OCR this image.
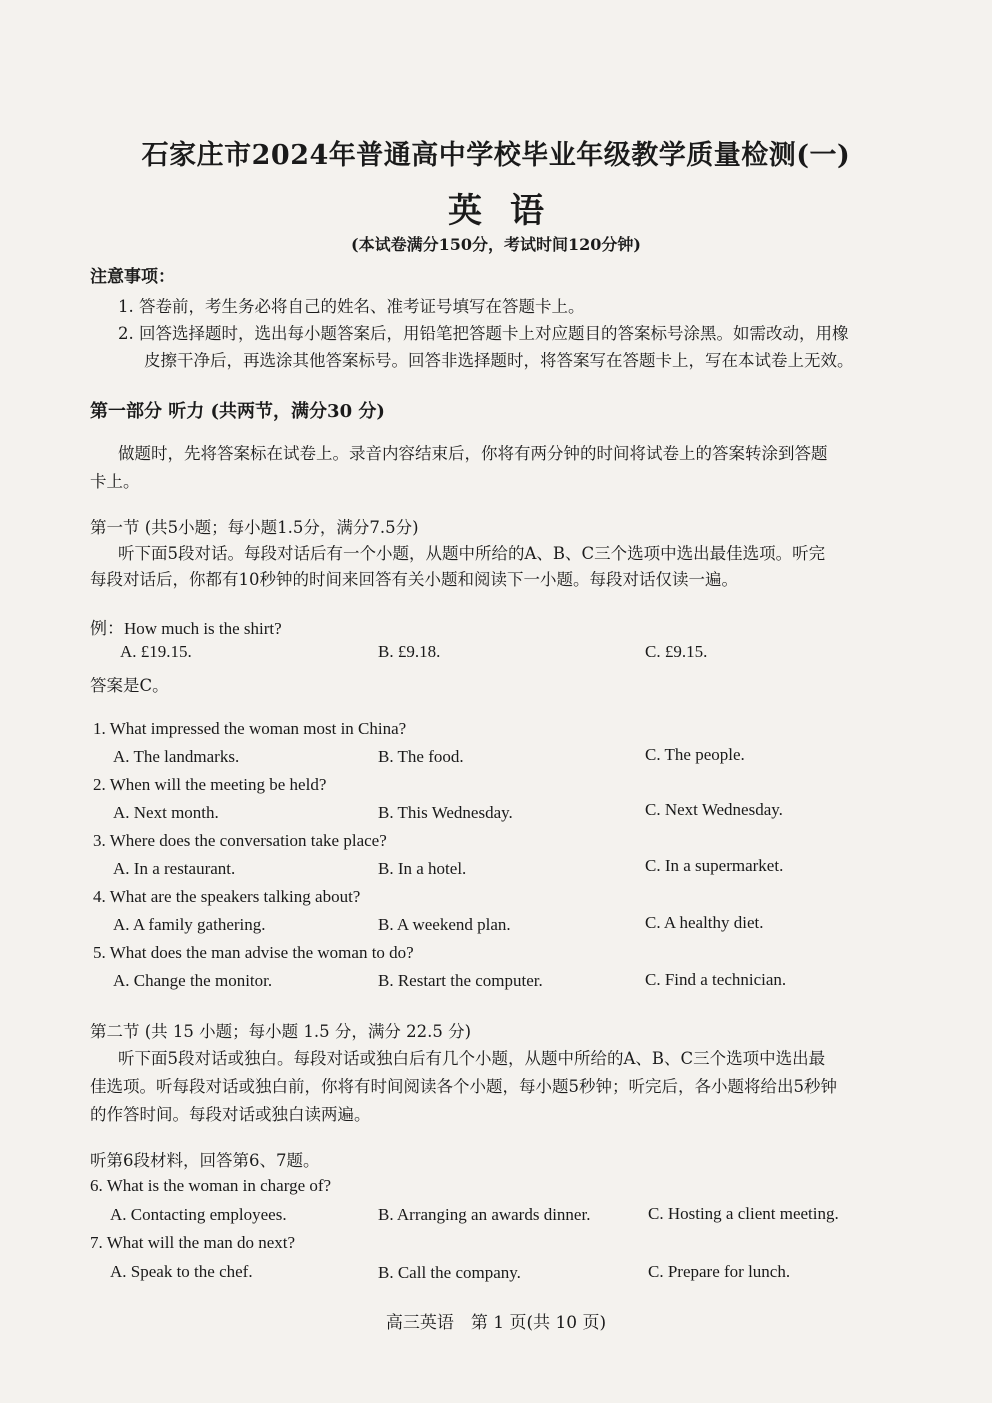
石家庄市2024年普通高中学校毕业年级教学质量检测(一)
英语
(本试卷满分150分，考试时间120分钟)
注意事项：
1. 答卷前，考生务必将自己的姓名、准考证号填写在答题卡上。
2. 回答选择题时，选出每小题答案后，用铅笔把答题卡上对应题目的答案标号涂黑。如需改动，用橡
皮擦干净后，再选涂其他答案标号。回答非选择题时，将答案写在答题卡上，写在本试卷上无效。
第一部分 听力 (共两节，满分30 分)
做题时，先将答案标在试卷上。录音内容结束后，你将有两分钟的时间将试卷上的答案转涂到答题
卡上。
第一节 (共5小题；每小题1.5分，满分7.5分)
听下面5段对话。每段对话后有一个小题，从题中所给的A、B、C三个选项中选出最佳选项。听完
每段对话后，你都有10秒钟的时间来回答有关小题和阅读下一小题。每段对话仅读一遍。
例：How much is the shirt?
A. £19.15.	B. £9.18.	C. £9.15.
答案是C。
1. What impressed the woman most in China?
A. The landmarks.	B. The food.	C. The people.
2. When will the meeting be held?
A. Next month.	B. This Wednesday.	C. Next Wednesday.
3. Where does the conversation take place?
A. In a restaurant.	B. In a hotel.	C. In a supermarket.
4. What are the speakers talking about?
A. A family gathering.	B. A weekend plan.	C. A healthy diet.
5. What does the man advise the woman to do?
A. Change the monitor.	B. Restart the computer.	C. Find a technician.
第二节 (共 15 小题；每小题 1.5 分，满分 22.5 分)
听下面5段对话或独白。每段对话或独白后有几个小题，从题中所给的A、B、C三个选项中选出最
佳选项。听每段对话或独白前，你将有时间阅读各个小题，每小题5秒钟；听完后，各小题将给出5秒钟
的作答时间。每段对话或独白读两遍。
听第6段材料，回答第6、7题。
6. What is the woman in charge of?
A. Contacting employees.	B. Arranging an awards dinner.	C. Hosting a client meeting.
7. What will the man do next?
A. Speak to the chef.	B. Call the company.	C. Prepare for lunch.
高三英语　第 1 页(共 10 页)
